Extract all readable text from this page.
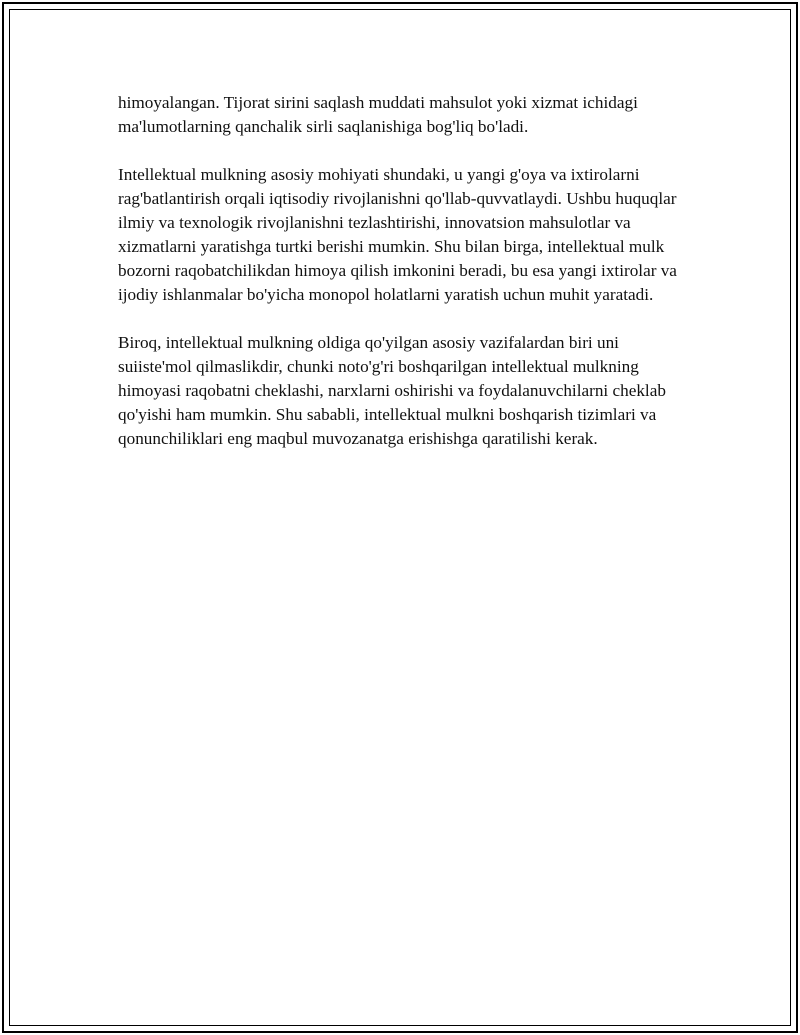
himoyalangan. Tijorat sirini saqlash muddati mahsulot yoki xizmat ichidagi ma'lumotlarning qanchalik sirli saqlanishiga bog'liq bo'ladi.

Intellektual mulkning asosiy mohiyati shundaki, u yangi g'oya va ixtirolarni rag'batlantirish orqali iqtisodiy rivojlanishni qo'llab-quvvatlaydi. Ushbu huquqlar ilmiy va texnologik rivojlanishni tezlashtirishi, innovatsion mahsulotlar va xizmatlarni yaratishga turtki berishi mumkin. Shu bilan birga, intellektual mulk bozorni raqobatchilikdan himoya qilish imkonini beradi, bu esa yangi ixtirolar va ijodiy ishlanmalar bo'yicha monopol holatlarni yaratish uchun muhit yaratadi.

Biroq, intellektual mulkning oldiga qo'yilgan asosiy vazifalardan biri uni suiiste'mol qilmaslikdir, chunki noto'g'ri boshqarilgan intellektual mulkning himoyasi raqobatni cheklashi, narxlarni oshirishi va foydalanuvchilarni cheklab qo'yishi ham mumkin. Shu sababli, intellektual mulkni boshqarish tizimlari va qonunchiliklari eng maqbul muvozanatga erishishga qaratilishi kerak.
